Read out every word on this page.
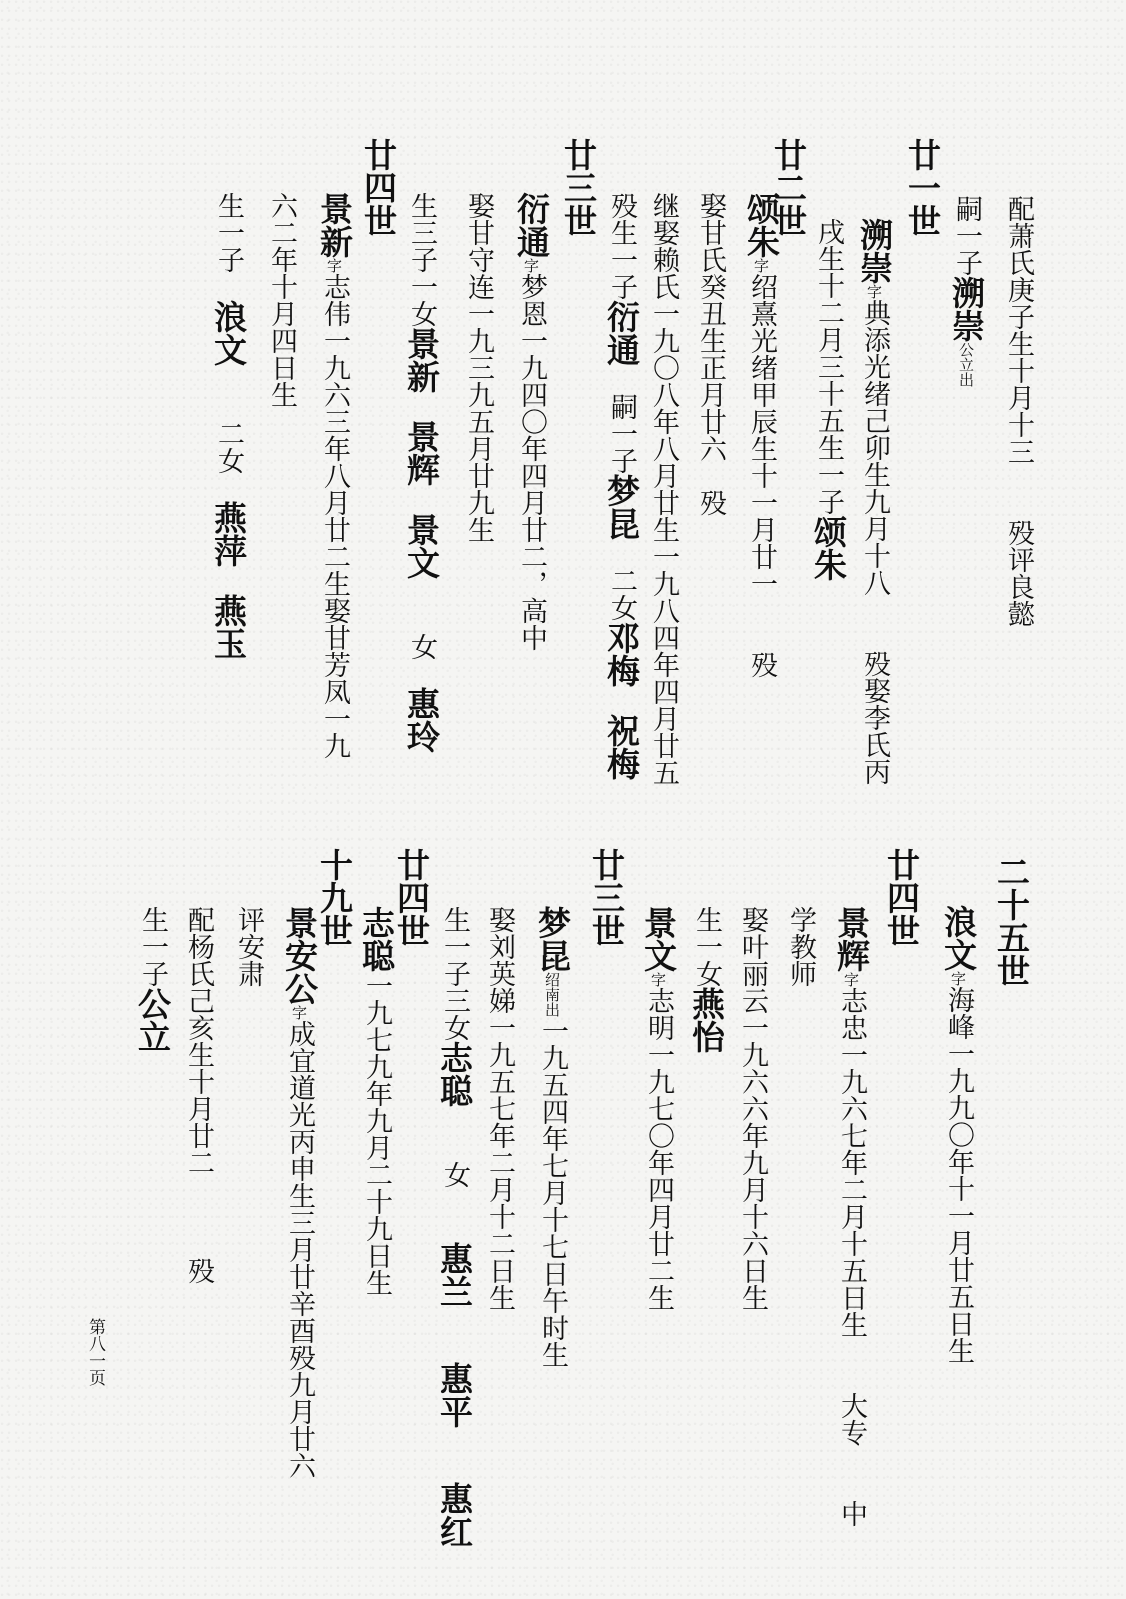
配萧氏庚子生十月十三　　殁评良懿
嗣一子溯崇公立出
廿一世
溯崇字典添光绪己卯生九月十八　　殁娶李氏丙
戌生十二月三十五生一子颂朱
廿二世
颂朱字绍熹光绪甲辰生十一月廿一　　殁
娶甘氏癸丑生正月廿六　殁
继娶赖氏一九〇八年八月廿生一九八四年四月廿五
殁生一子衍通　嗣一子梦昆　二女邓梅　祝梅
廿三世
衍通字梦恩一九四〇年四月廿二，高中
娶甘守连一九三九五月廿九生
生三子一女景新　景辉　景文　　女　惠玲
廿四世
景新字志伟一九六三年八月廿二生娶甘芳凤一九
六二年十月四日生
生一子　浪文　　二女　燕萍　燕玉
二十五世
浪文字海峰一九九〇年十一月廿五日生
廿四世
景辉字志忠一九六七年二月十五日生　　大专　　中
学教师
娶叶丽云一九六六年九月十六日生
生一女燕怡
景文字志明一九七〇年四月廿二生
廿三世
梦昆绍南出一九五四年七月十七日午时生
娶刘英娣一九五七年二月十二日生
生一子三女志聪　　女　　惠兰　　惠平　　惠红
廿四世
志聪一九七九年九月二十九日生
十九世
景安公字成宜道光丙申生三月廿辛酉殁九月廿六
评安肃
配杨氏己亥生十月廿二　　　殁
生一子公立
第八一页
